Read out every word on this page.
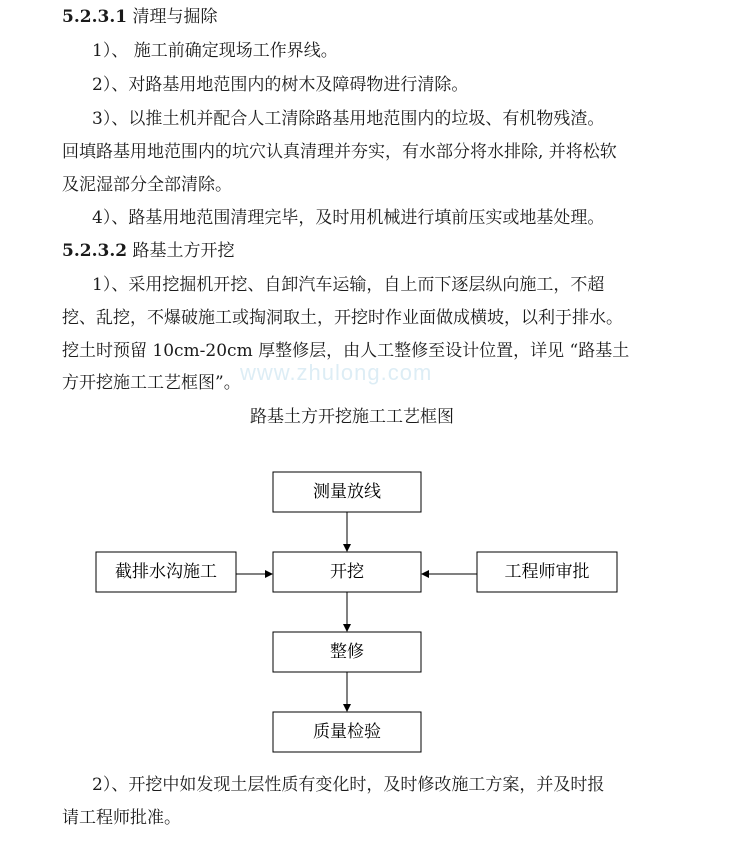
www.zhulong.com
5.2.3.1 清理与掘除
1）、 施工前确定现场工作界线。
2）、对路基用地范围内的树木及障碍物进行清除。
3）、以推土机并配合人工清除路基用地范围内的垃圾、有机物残渣。
回填路基用地范围内的坑穴认真清理并夯实，有水部分将水排除, 并将松软
及泥湿部分全部清除。
4）、路基用地范围清理完毕，及时用机械进行填前压实或地基处理。
5.2.3.2 路基土方开挖
1）、采用挖掘机开挖、自卸汽车运输，自上而下逐层纵向施工，不超
挖、乱挖，不爆破施工或掏洞取土，开挖时作业面做成横坡，以利于排水。
挖土时预留 10cm-20cm 厚整修层，由人工整修至设计位置，详见 “路基土
方开挖施工工艺框图”。
路基土方开挖施工工艺框图
测量放线
开挖
截排水沟施工	工程师审批
整修
质量检验
2）、开挖中如发现土层性质有变化时，及时修改施工方案，并及时报
请工程师批准。
